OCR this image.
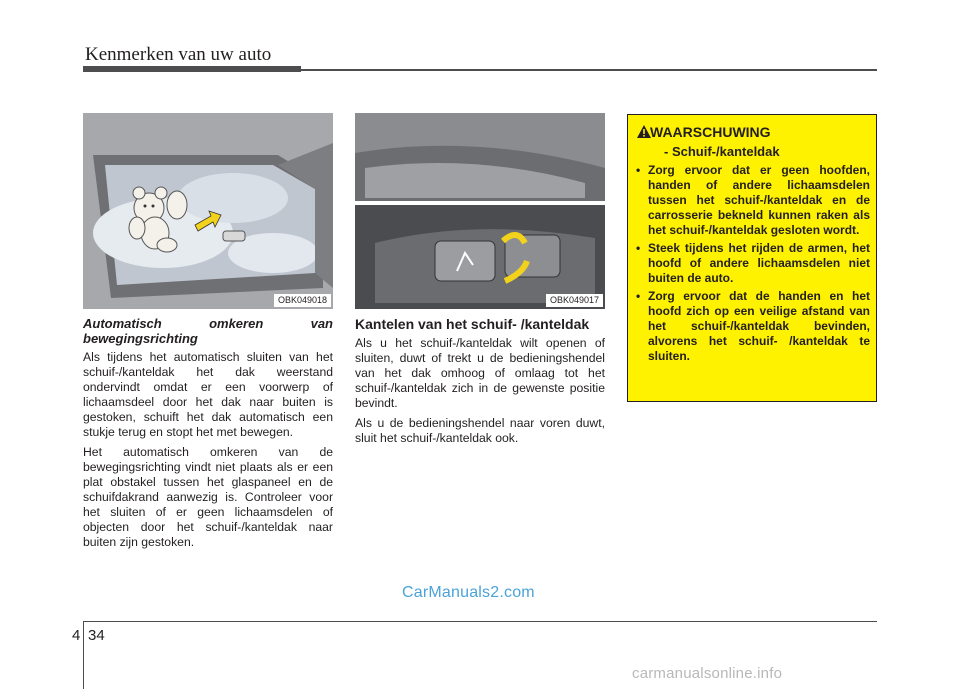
Kenmerken van uw auto
OBK049018	OBK049017
Automatisch omkeren van bewegingsrichting

Als tijdens het automatisch sluiten van het schuif-/kanteldak het dak weerstand ondervindt omdat er een voorwerp of lichaamsdeel door het dak naar buiten is gestoken, schuift het dak automatisch een stukje terug en stopt het met bewegen.

Het automatisch omkeren van de bewegingsrichting vindt niet plaats als er een plat obstakel tussen het glaspaneel en de schuifdakrand aanwezig is. Controleer voor het sluiten of er geen lichaamsdelen of objecten door het schuif-/kanteldak naar buiten zijn gestoken.

Kantelen van het schuif- /kanteldak

Als u het schuif-/kanteldak wilt openen of sluiten, duwt of trekt u de bedieningshendel van het dak omhoog of omlaag tot het schuif-/kanteldak zich in de gewenste positie bevindt.

Als u de bedieningshendel naar voren duwt, sluit het schuif-/kanteldak ook.

WAARSCHUWING
- Schuif-/kanteldak
• Zorg ervoor dat er geen hoofden, handen of andere lichaamsdelen tussen het schuif-/kanteldak en de carrosserie bekneld kunnen raken als het schuif-/kanteldak gesloten wordt.
• Steek tijdens het rijden de armen, het hoofd of andere lichaamsdelen niet buiten de auto.
• Zorg ervoor dat de handen en het hoofd zich op een veilige afstand van het schuif-/kanteldak bevinden, alvorens het schuif- /kanteldak te sluiten.
CarManuals2.com
4 34
carmanualsonline.info
